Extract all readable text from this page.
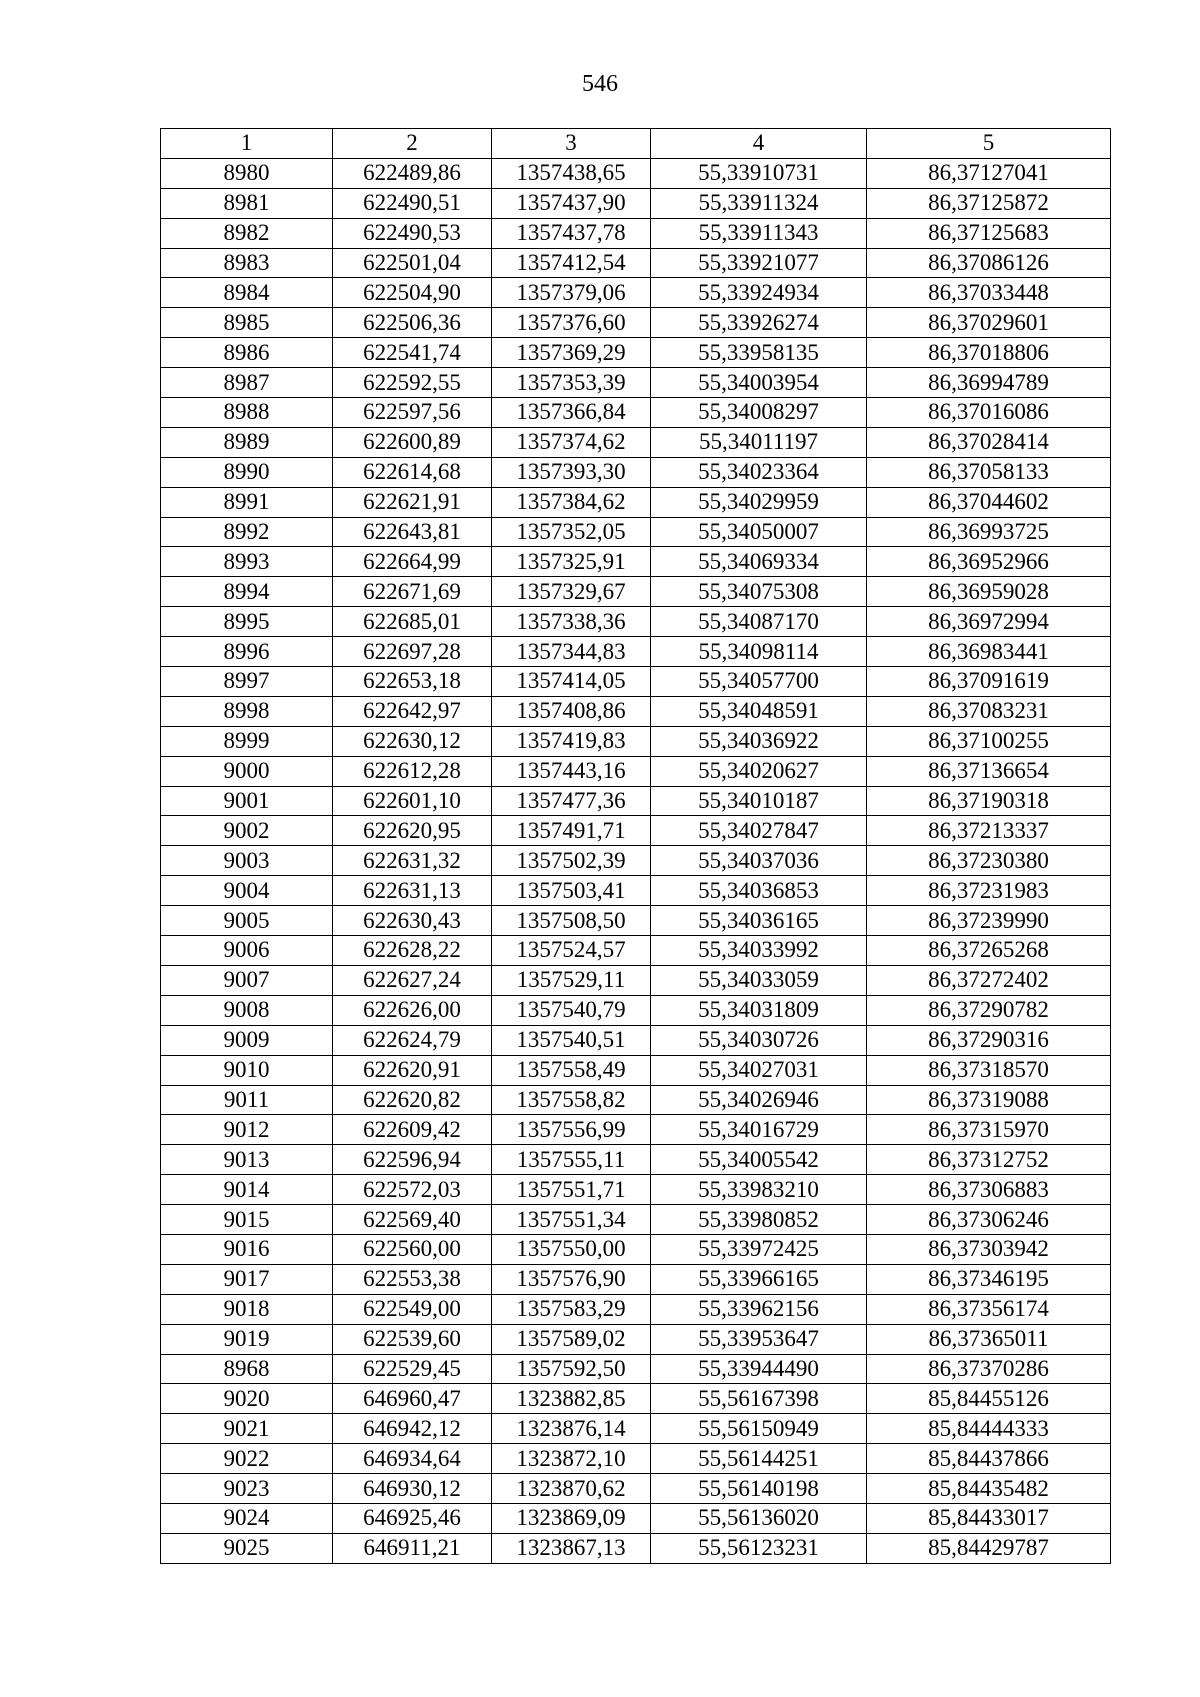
546
1	2	3	4	5
8980	622489,86	1357438,65	55,33910731	86,37127041
8981	622490,51	1357437,90	55,33911324	86,37125872
8982	622490,53	1357437,78	55,33911343	86,37125683
8983	622501,04	1357412,54	55,33921077	86,37086126
8984	622504,90	1357379,06	55,33924934	86,37033448
8985	622506,36	1357376,60	55,33926274	86,37029601
8986	622541,74	1357369,29	55,33958135	86,37018806
8987	622592,55	1357353,39	55,34003954	86,36994789
8988	622597,56	1357366,84	55,34008297	86,37016086
8989	622600,89	1357374,62	55,34011197	86,37028414
8990	622614,68	1357393,30	55,34023364	86,37058133
8991	622621,91	1357384,62	55,34029959	86,37044602
8992	622643,81	1357352,05	55,34050007	86,36993725
8993	622664,99	1357325,91	55,34069334	86,36952966
8994	622671,69	1357329,67	55,34075308	86,36959028
8995	622685,01	1357338,36	55,34087170	86,36972994
8996	622697,28	1357344,83	55,34098114	86,36983441
8997	622653,18	1357414,05	55,34057700	86,37091619
8998	622642,97	1357408,86	55,34048591	86,37083231
8999	622630,12	1357419,83	55,34036922	86,37100255
9000	622612,28	1357443,16	55,34020627	86,37136654
9001	622601,10	1357477,36	55,34010187	86,37190318
9002	622620,95	1357491,71	55,34027847	86,37213337
9003	622631,32	1357502,39	55,34037036	86,37230380
9004	622631,13	1357503,41	55,34036853	86,37231983
9005	622630,43	1357508,50	55,34036165	86,37239990
9006	622628,22	1357524,57	55,34033992	86,37265268
9007	622627,24	1357529,11	55,34033059	86,37272402
9008	622626,00	1357540,79	55,34031809	86,37290782
9009	622624,79	1357540,51	55,34030726	86,37290316
9010	622620,91	1357558,49	55,34027031	86,37318570
9011	622620,82	1357558,82	55,34026946	86,37319088
9012	622609,42	1357556,99	55,34016729	86,37315970
9013	622596,94	1357555,11	55,34005542	86,37312752
9014	622572,03	1357551,71	55,33983210	86,37306883
9015	622569,40	1357551,34	55,33980852	86,37306246
9016	622560,00	1357550,00	55,33972425	86,37303942
9017	622553,38	1357576,90	55,33966165	86,37346195
9018	622549,00	1357583,29	55,33962156	86,37356174
9019	622539,60	1357589,02	55,33953647	86,37365011
8968	622529,45	1357592,50	55,33944490	86,37370286
9020	646960,47	1323882,85	55,56167398	85,84455126
9021	646942,12	1323876,14	55,56150949	85,84444333
9022	646934,64	1323872,10	55,56144251	85,84437866
9023	646930,12	1323870,62	55,56140198	85,84435482
9024	646925,46	1323869,09	55,56136020	85,84433017
9025	646911,21	1323867,13	55,56123231	85,84429787
